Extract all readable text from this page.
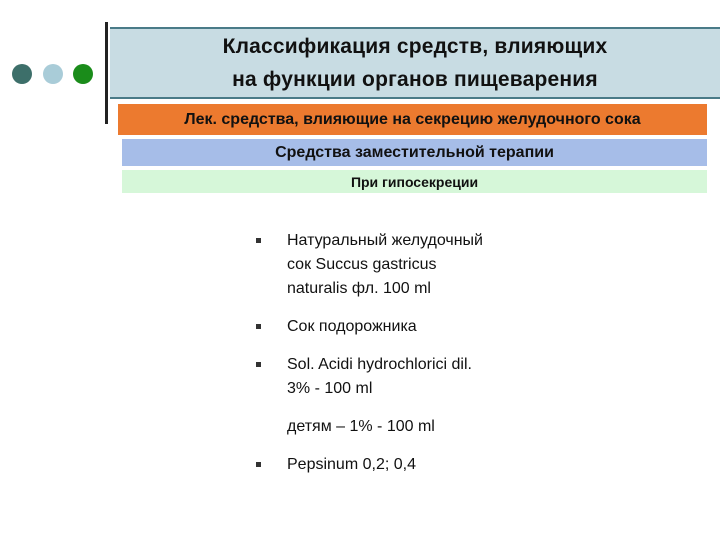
Классификация средств, влияющих
на функции органов пищеварения
Лек. средства, влияющие на секрецию желудочного сока
Средства заместительной терапии
При гипосекреции
Натуральный желудочный
сок Succus gastricus
naturalis фл. 100 ml
Сок подорожника
Sol. Acidi hydrochlorici dil.
3% - 100 ml
детям – 1% - 100 ml
Pepsinum 0,2; 0,4
